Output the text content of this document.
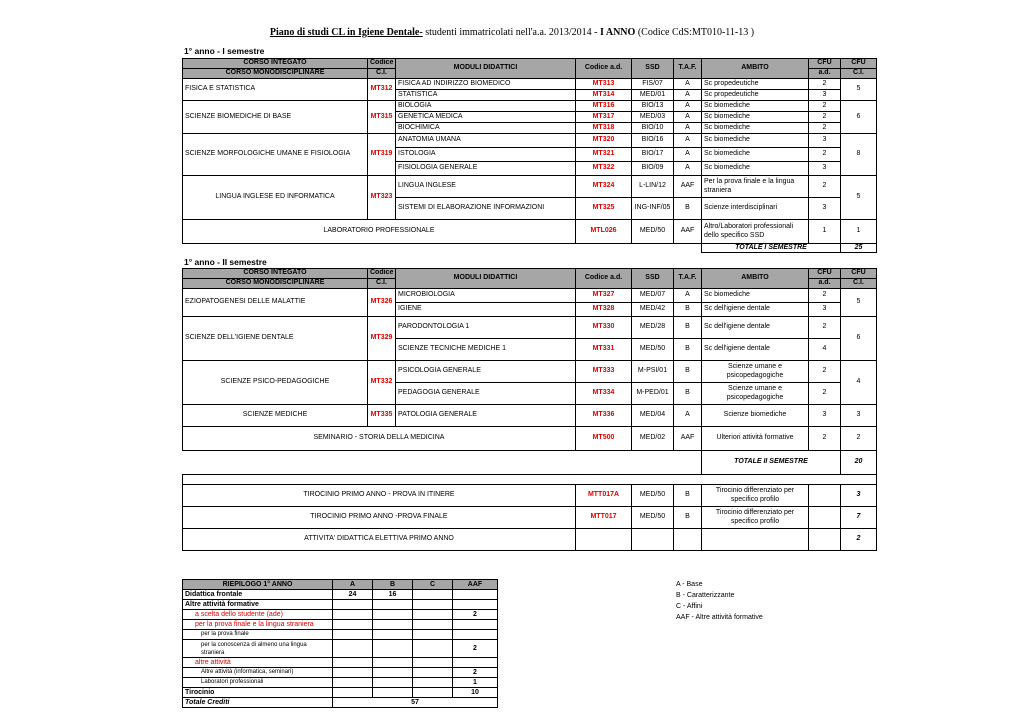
Piano di studi CL in Igiene Dentale- studenti immatricolati nell'a.a. 2013/2014 - I ANNO (Codice CdS:MT010-11-13 )
1° anno - I semestre
CORSO INTEGATO	Codice	MODULI DIDATTICI	Codice a.d.	SSD	T.A.F.	AMBITO	CFU	CFU
CORSO MONODISCIPLINARE	C.I.						a.d.	C.I.
FISICA E STATISTICA	MT312	FISICA AD INDIRIZZO BIOMEDICO	MT313	FIS/07	A	Sc propedeutiche	2	5
		STATISTICA	MT314	MED/01	A	Sc propedeutiche	3	
SCIENZE BIOMEDICHE DI BASE	MT315	BIOLOGIA	MT316	BIO/13	A	Sc biomediche	2	6
		GENETICA MEDICA	MT317	MED/03	A	Sc biomediche	2	
		BIOCHIMICA	MT318	BIO/10	A	Sc biomediche	2	
SCIENZE MORFOLOGICHE UMANE E FISIOLOGIA	MT319	ANATOMIA UMANA	MT320	BIO/16	A	Sc biomediche	3	8
		ISTOLOGIA	MT321	BIO/17	A	Sc biomediche	2	
		FISIOLOGIA GENERALE	MT322	BIO/09	A	Sc biomediche	3	
LINGUA INGLESE ED INFORMATICA	MT323	LINGUA INGLESE	MT324	L-LIN/12	AAF	Per la prova finale e la lingua straniera	2	5
		SISTEMI DI ELABORAZIONE INFORMAZIONI	MT325	ING-INF/05	B	Scienze interdisciplinari	3	
LABORATORIO PROFESSIONALE			MTL026	MED/50	AAF	Altro/Laboratori professionali dello specifico SSD	1	1
						TOTALE I SEMESTRE		25
1° anno - II semestre
CORSO INTEGATO	Codice	MODULI DIDATTICI	Codice a.d.	SSD	T.A.F.	AMBITO	CFU	CFU
CORSO MONODISCIPLINARE	C.I.						a.d.	C.I.
EZIOPATOGENESI DELLE MALATTIE	MT326	MICROBIOLOGIA	MT327	MED/07	A	Sc biomediche	2	5
		IGIENE	MT328	MED/42	B	Sc dell'igiene dentale	3	
SCIENZE DELL'IGIENE DENTALE	MT329	PARODONTOLOGIA 1	MT330	MED/28	B	Sc dell'igiene dentale	2	6
		SCIENZE TECNICHE MEDICHE 1	MT331	MED/50	B	Sc dell'igiene dentale	4	
SCIENZE PSICO-PEDAGOGICHE	MT332	PSICOLOGIA GENERALE	MT333	M-PSI/01	B	Scienze umane e psicopedagogiche	2	4
		PEDAGOGIA GENERALE	MT334	M-PED/01	B	Scienze umane e psicopedagogiche	2	
SCIENZE MEDICHE	MT335	PATOLOGIA GENERALE	MT336	MED/04	A	Scienze biomediche	3	3
SEMINARIO - STORIA DELLA MEDICINA			MT500	MED/02	AAF	Ulteriori attività formative	2	2
						TOTALE II SEMESTRE		20

TIROCINIO PRIMO ANNO - PROVA IN ITINERE			MTT017A	MED/50	B	Tirocinio differenziato per specifico profilo		3
TIROCINIO PRIMO ANNO -PROVA FINALE			MTT017	MED/50	B	Tirocinio differenziato per specifico profilo		7
ATTIVITA' DIDATTICA ELETTIVA PRIMO ANNO								2
RIEPILOGO 1° ANNO	A	B	C	AAF
Didattica frontale	24	16		
Altre attività formative				
a scelta dello studente (ade)				2
per la prova finale e la lingua straniera				
per la prova finale				
per la conoscenza di almeno una lingua straniera				2
altre attività				
Altre attività (informatica, seminari)				2
Laboratori professionali				1
Tirocinio				10
Totale Crediti	57			
A - Base
B - Caratterizzante
C - Affini
AAF - Altre attività formative
